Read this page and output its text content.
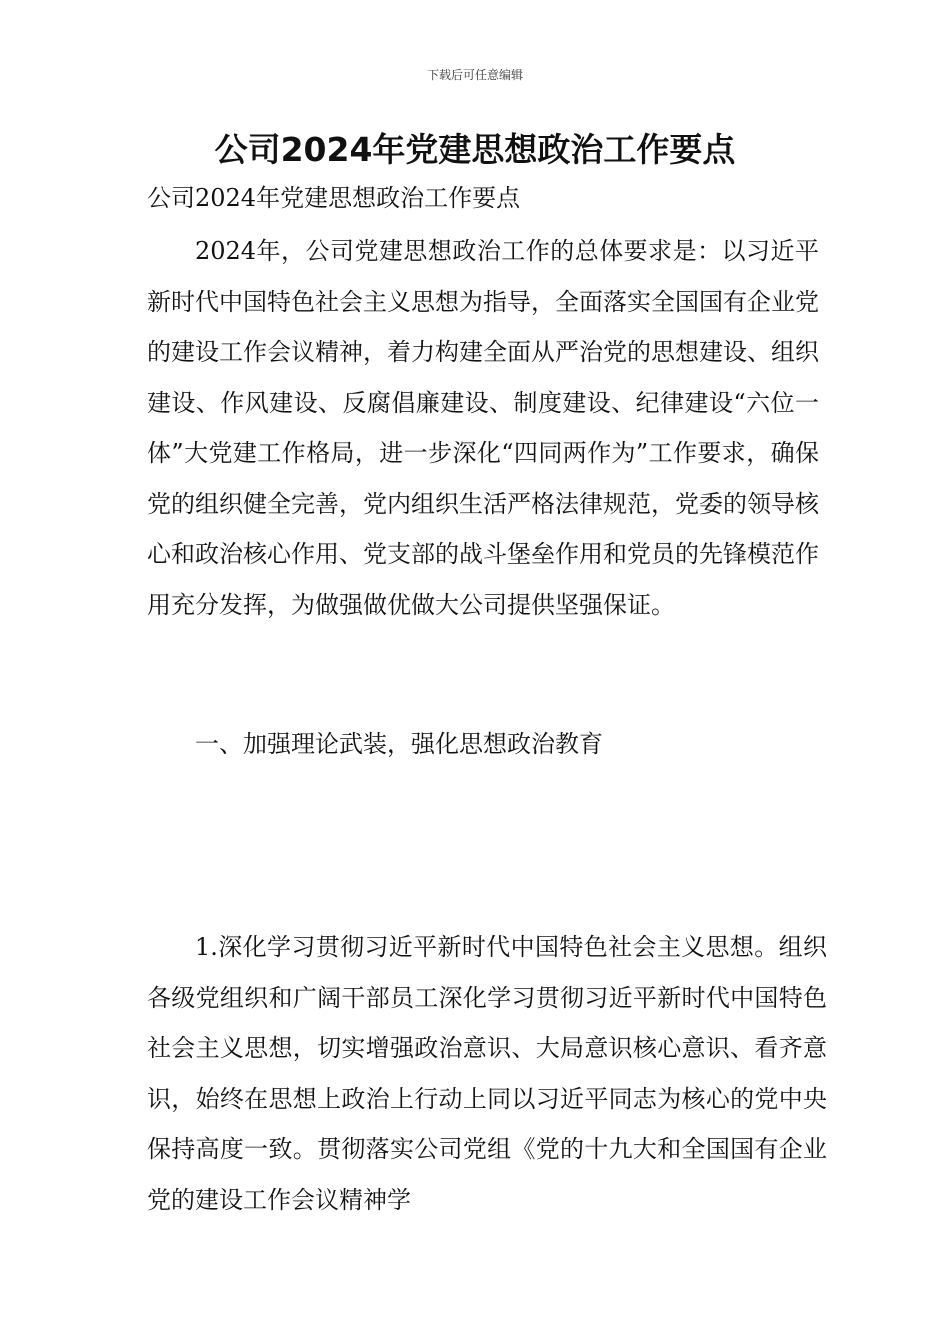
下载后可任意编辑
公司2024年党建思想政治工作要点
公司2024年党建思想政治工作要点

2024年，公司党建思想政治工作的总体要求是：以习近平新时代中国特色社会主义思想为指导，全面落实全国国有企业党的建设工作会议精神，着力构建全面从严治党的思想建设、组织建设、作风建设、反腐倡廉建设、制度建设、纪律建设“六位一体”大党建工作格局，进一步深化“四同两作为”工作要求，确保党的组织健全完善，党内组织生活严格法律规范，党委的领导核心和政治核心作用、党支部的战斗堡垒作用和党员的先锋模范作用充分发挥，为做强做优做大公司提供坚强保证。

一、加强理论武装，强化思想政治教育

1.深化学习贯彻习近平新时代中国特色社会主义思想。组织各级党组织和广阔干部员工深化学习贯彻习近平新时代中国特色社会主义思想，切实增强政治意识、大局意识核心意识、看齐意识，始终在思想上政治上行动上同以习近平同志为核心的党中央保持高度一致。贯彻落实公司党组《党的十九大和全国国有企业党的建设工作会议精神学
